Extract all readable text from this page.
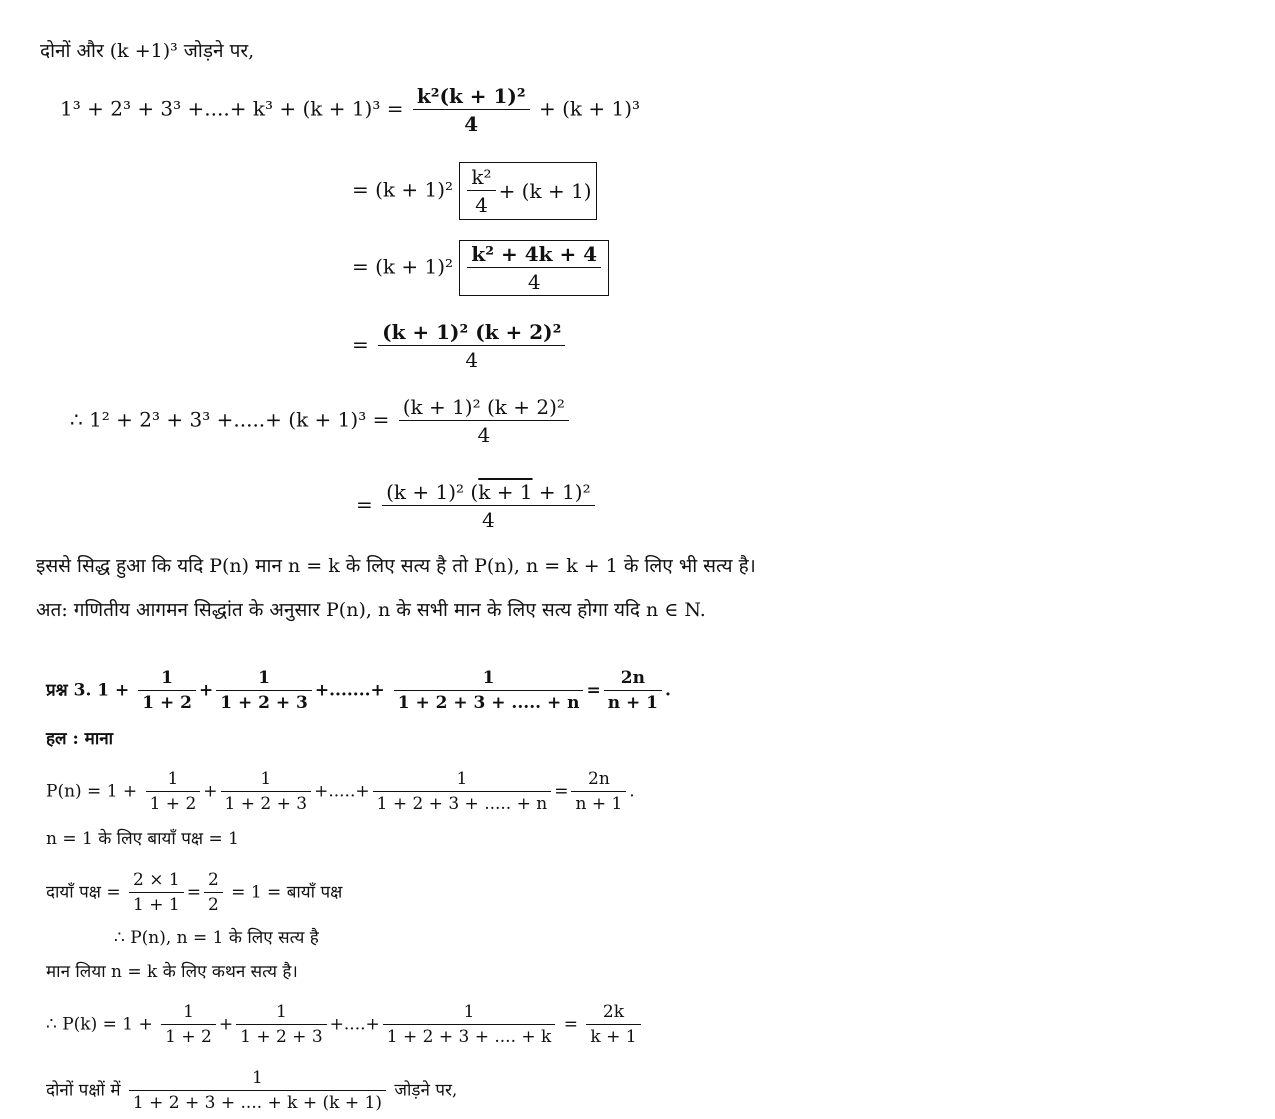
दोनों और (k +1)³ जोड़ने पर,
1³ + 2³ + 3³ +....+ $k^3 + (k + 1)^3 = \frac{\text{k²(k + 1)²}}{4} + (k + 1)^3$
= $(k + 1)^2 \frac{\text{k²}}{4} + (k + 1)$
= $(k + 1)^2 \frac{\text{k² + 4k + 4}}{4}$
= $\frac{\text{(k + 1)² (k + 2)²}}{4}$
∴ 1² + 2³ + 3³ +.....+ $(k + 1)^3 = \frac{\text{(k + 1)² (k + 2)²}}{4}$
= $\frac{\text{(k + 1)² (k + 1 + 1)²}}{4}$
इससे सिद्ध हुआ कि यदि P(n) मान n = k के लिए सत्य है तो P(n), n = k + 1 के लिए भी सत्य है।
अत: गणितीय आगमन सिद्धांत के अनुसार P(n), n के सभी मान के लिए सत्य होगा यदि n ∈ N.
प्रश्न 3. $1 + \frac{1}{1 + 2} + \frac{1}{1 + 2 + 3}$ +.......+ $\frac{1}{1 + 2 + 3 + ..... + n} = \frac{2n}{n + 1}$ .
हल : माना
$P(n) = 1 + \frac{1}{1 + 2} + \frac{1}{1 + 2 + 3}$ +.....+ $\frac{1}{1 + 2 + 3 + ..... + n} = \frac{2n}{n + 1}$ .
n = 1 के लिए बायाँ पक्ष = 1
दायाँ पक्ष = $\frac{2 \times 1}{1 + 1} = \frac{2}{2} = 1$ = बायाँ पक्ष
∴ P(n), n = 1 के लिए सत्य है
मान लिया n = k के लिए कथन सत्य है।
∴ $P(k) = 1 + \frac{1}{1 + 2} + \frac{1}{1 + 2 + 3}$ +....+ $\frac{1}{1 + 2 + 3 + .... + k} = \frac{2k}{k + 1}$
दोनों पक्षों में $\frac{1}{1 + 2 + 3 + .... + k + (k + 1)}$ जोड़ने पर,
